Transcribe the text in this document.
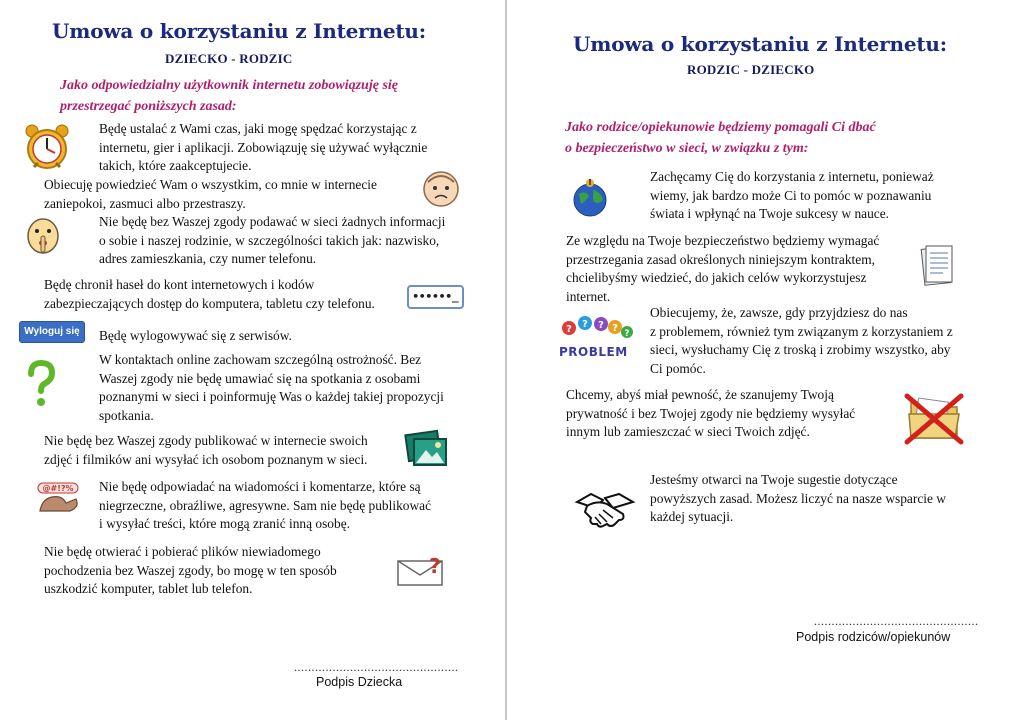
Umowa o korzystaniu z Internetu:
DZIECKO - RODZIC
Jako odpowiedzialny użytkownik internetu zobowiązuję się
przestrzegać poniższych zasad:
Będę ustalać z Wami czas, jaki mogę spędzać korzystając z
internetu, gier i aplikacji. Zobowiązuję się używać wyłącznie
takich, które zaakceptujecie.
Obiecuję powiedzieć Wam o wszystkim, co mnie w internecie
zaniepokoi, zasmuci albo przestraszy.
Nie będę bez Waszej zgody podawać w sieci żadnych informacji
o sobie i naszej rodzinie, w szczególności takich jak: nazwisko,
adres zamieszkania, czy numer telefonu.
Będę chronił haseł do kont internetowych i kodów
zabezpieczających dostęp do komputera, tabletu czy telefonu.	••••••_
Wyloguj się	Będę wylogowywać się z serwisów.
W kontaktach online zachowam szczególną ostrożność. Bez
Waszej zgody nie będę umawiać się na spotkania z osobami
poznanymi w sieci i poinformuję Was o każdej takiej propozycji
spotkania.
Nie będę bez Waszej zgody publikować w internecie swoich
zdjęć i filmików ani wysyłać ich osobom poznanym w sieci.
@#!?% Nie będę odpowiadać na wiadomości i komentarze, które są
niegrzeczne, obraźliwe, agresywne. Sam nie będę publikować
i wysyłać treści, które mogą zranić inną osobę.
Nie będę otwierać i pobierać plików niewiadomego
pochodzenia bez Waszej zgody, bo mogę w ten sposób
uszkodzić komputer, tablet lub telefon.
?
...............................................
Podpis Dziecka
Umowa o korzystaniu z Internetu:
RODZIC - DZIECKO
Jako rodzice/opiekunowie będziemy pomagali Ci dbać
o bezpieczeństwo w sieci, w związku z tym:
Zachęcamy Cię do korzystania z internetu, ponieważ
wiemy, jak bardzo może Ci to pomóc w poznawaniu
świata i wpłynąć na Twoje sukcesy w nauce.
Ze względu na Twoje bezpieczeństwo będziemy wymagać
przestrzegania zasad określonych niniejszym kontraktem,
chcielibyśmy wiedzieć, do jakich celów wykorzystujesz
internet.
? ? ? ? ?
PROBLEM
Obiecujemy, że, zawsze, gdy przyjdziesz do nas
z problemem, również tym związanym z korzystaniem z
sieci, wysłuchamy Cię z troską i zrobimy wszystko, aby
Ci pomóc.
Chcemy, abyś miał pewność, że szanujemy Twoją
prywatność i bez Twojej zgody nie będziemy wysyłać
innym lub zamieszczać w sieci Twoich zdjęć.
Jesteśmy otwarci na Twoje sugestie dotyczące
powyższych zasad. Możesz liczyć na nasze wsparcie w
każdej sytuacji.
...............................................
Podpis rodziców/opiekunów
